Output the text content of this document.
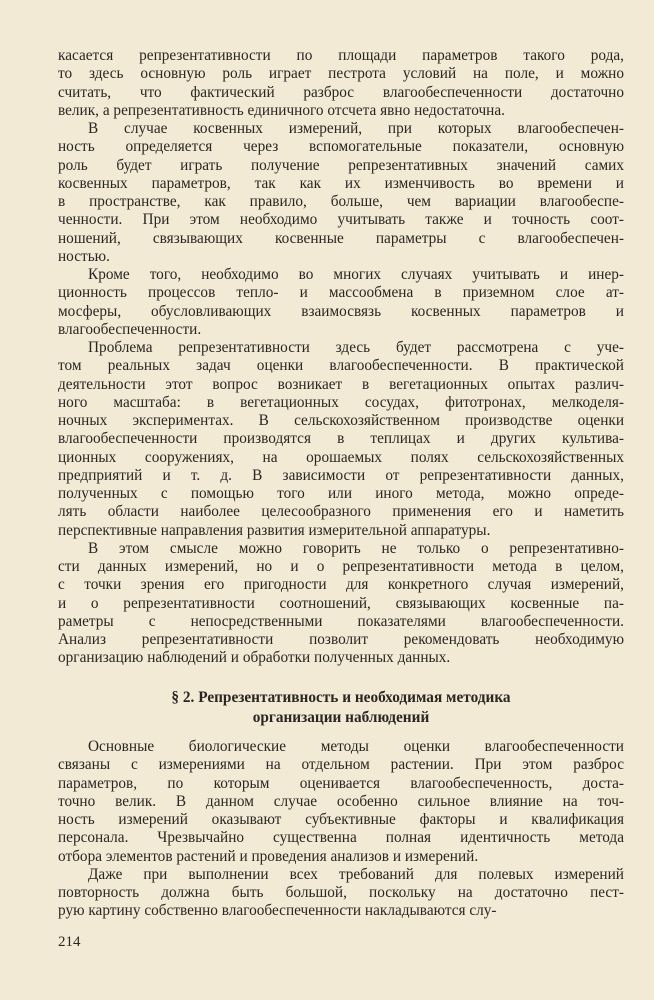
касается репрезентативности по площади параметров такого рода,
то здесь основную роль играет пестрота условий на поле, и можно
считать, что фактический разброс влагообеспеченности достаточно
велик, а репрезентативность единичного отсчета явно недостаточна.
В случае косвенных измерений, при которых влагообеспечен-
ность определяется через вспомогательные показатели, основную
роль будет играть получение репрезентативных значений самих
косвенных параметров, так как их изменчивость во времени и
в пространстве, как правило, больше, чем вариации влагообеспе-
ченности. При этом необходимо учитывать также и точность соот-
ношений, связывающих косвенные параметры с влагообеспечен-
ностью.
Кроме того, необходимо во многих случаях учитывать и инер-
ционность процессов тепло- и массообмена в приземном слое ат-
мосферы, обусловливающих взаимосвязь косвенных параметров и
влагообеспеченности.
Проблема репрезентативности здесь будет рассмотрена с уче-
том реальных задач оценки влагообеспеченности. В практической
деятельности этот вопрос возникает в вегетационных опытах различ-
ного масштаба: в вегетационных сосудах, фитотронах, мелкоделя-
ночных экспериментах. В сельскохозяйственном производстве оценки
влагообеспеченности производятся в теплицах и других культива-
ционных сооружениях, на орошаемых полях сельскохозяйственных
предприятий и т. д. В зависимости от репрезентативности данных,
полученных с помощью того или иного метода, можно опреде-
лять области наиболее целесообразного применения его и наметить
перспективные направления развития измерительной аппаратуры.
В этом смысле можно говорить не только о репрезентативно-
сти данных измерений, но и о репрезентативности метода в целом,
с точки зрения его пригодности для конкретного случая измерений,
и о репрезентативности соотношений, связывающих косвенные па-
раметры с непосредственными показателями влагообеспеченности.
Анализ репрезентативности позволит рекомендовать необходимую
организацию наблюдений и обработки полученных данных.
§ 2. Репрезентативность и необходимая методика
организации наблюдений
Основные биологические методы оценки влагообеспеченности
связаны с измерениями на отдельном растении. При этом разброс
параметров, по которым оценивается влагообеспеченность, доста-
точно велик. В данном случае особенно сильное влияние на точ-
ность измерений оказывают субъективные факторы и квалификация
персонала. Чрезвычайно существенна полная идентичность метода
отбора элементов растений и проведения анализов и измерений.
Даже при выполнении всех требований для полевых измерений
повторность должна быть большой, поскольку на достаточно пест-
рую картину собственно влагообеспеченности накладываются слу-
214
